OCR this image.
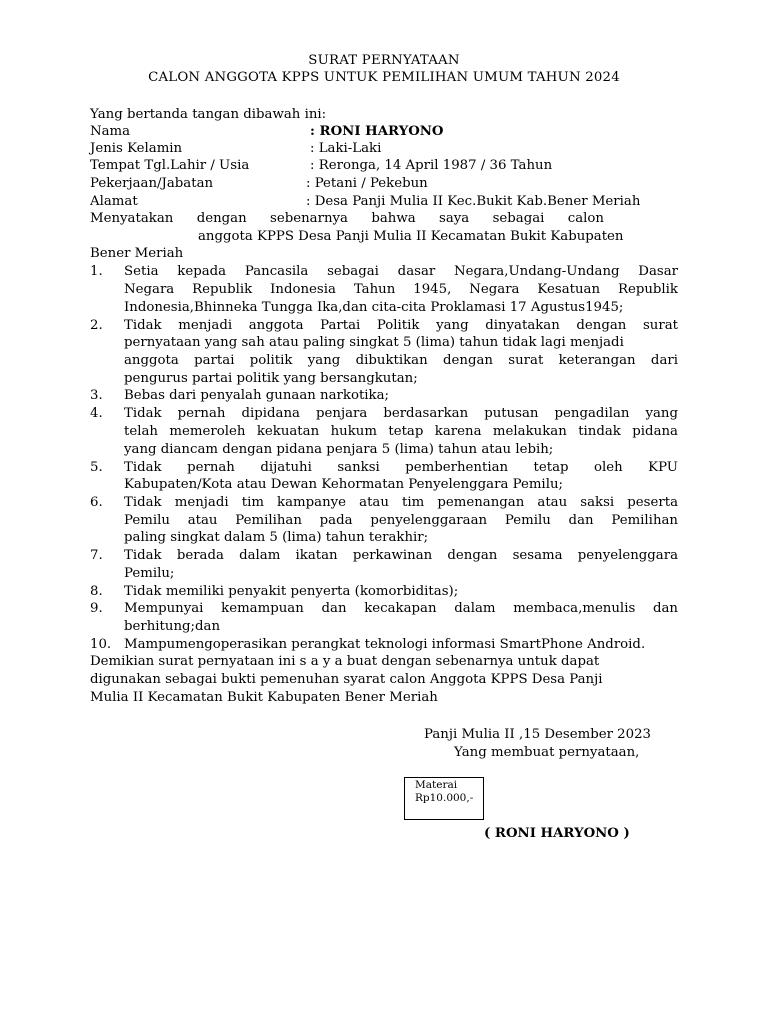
SURAT PERNYATAAN
CALON ANGGOTA KPPS UNTUK PEMILIHAN UMUM TAHUN 2024
Yang bertanda tangan dibawah ini:
Nama	: RONI HARYONO
Jenis Kelamin	: Laki-Laki
Tempat Tgl.Lahir / Usia	: Reronga, 14 April 1987 / 36 Tahun
Pekerjaan/Jabatan	: Petani / Pekebun
Alamat	: Desa Panji Mulia II Kec.Bukit Kab.Bener Meriah
Menyatakan dengan sebenarnya bahwa saya sebagai calon
anggota KPPS Desa Panji Mulia II Kecamatan Bukit Kabupaten
Bener Meriah
1. Setia kepada Pancasila sebagai dasar Negara,Undang-Undang Dasar
Negara Republik Indonesia Tahun 1945, Negara Kesatuan Republik
Indonesia,Bhinneka Tungga Ika,dan cita-cita Proklamasi 17 Agustus1945;
2. Tidak menjadi anggota Partai Politik yang dinyatakan dengan surat
pernyataan yang sah atau paling singkat 5 (lima) tahun tidak lagi menjadi
anggota partai politik yang dibuktikan dengan surat keterangan dari
pengurus partai politik yang bersangkutan;
3. Bebas dari penyalah gunaan narkotika;
4. Tidak pernah dipidana penjara berdasarkan putusan pengadilan yang
telah memeroleh kekuatan hukum tetap karena melakukan tindak pidana
yang diancam dengan pidana penjara 5 (lima) tahun atau lebih;
5. Tidak pernah dijatuhi sanksi pemberhentian tetap oleh KPU
Kabupaten/Kota atau Dewan Kehormatan Penyelenggara Pemilu;
6. Tidak menjadi tim kampanye atau tim pemenangan atau saksi peserta
Pemilu atau Pemilihan pada penyelenggaraan Pemilu dan Pemilihan
paling singkat dalam 5 (lima) tahun terakhir;
7. Tidak berada dalam ikatan perkawinan dengan sesama penyelenggara
Pemilu;
8. Tidak memiliki penyakit penyerta (komorbiditas);
9. Mempunyai kemampuan dan kecakapan dalam membaca,menulis dan
berhitung;dan
10. Mampumengoperasikan perangkat teknologi informasi SmartPhone Android.
Demikian surat pernyataan ini s a y a buat dengan sebenarnya untuk dapat
digunakan sebagai bukti pemenuhan syarat calon Anggota KPPS Desa Panji
Mulia II Kecamatan Bukit Kabupaten Bener Meriah
Panji Mulia II ,15 Desember 2023
Yang membuat pernyataan,
Materai
Rp10.000,-
( RONI HARYONO )
